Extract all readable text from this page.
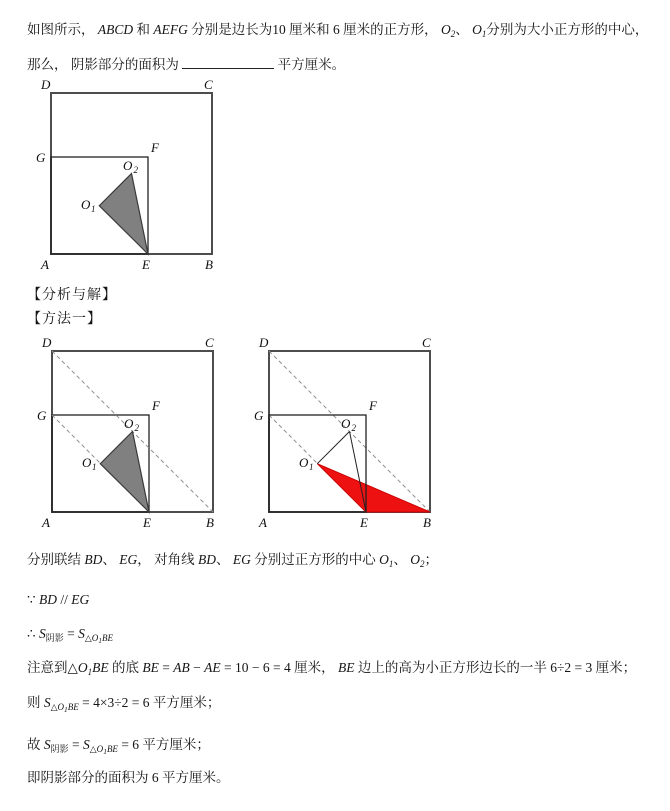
如图所示， ABCD 和 AEFG 分别是边长为10 厘米和 6 厘米的正方形， $O_2$、 $O_1$分别为大小正方形的中心，
那么， 阴影部分的面积为	平方厘米。
D	C
G
F
A	E	B
O 2
O 1
【分析与解】
【方法一】
D	C
G
F
A	E	B
O 2
O 1
D	C
G
F
A	E	B
O 2
O 1
分别联结 BD、 EG， 对角线 BD、 EG 分别过正方形的中心 $O_1$、 $O_2$；
∵ BD // EG
∴ $S_{阴影} = S_{\triangle O1BE}$
注意到$\triangle O_1BE$ 的底 BE = AB − AE = 10 − 6 = 4 厘米， BE 边上的高为小正方形边长的一半 6÷2 = 3 厘米；
则 $S_{\triangle O1BE} = 4\times 3\div 2 = 6$ 平方厘米；
故 $S_{阴影} = S_{\triangle O1BE} = 6$ 平方厘米；
即阴影部分的面积为 6 平方厘米。
